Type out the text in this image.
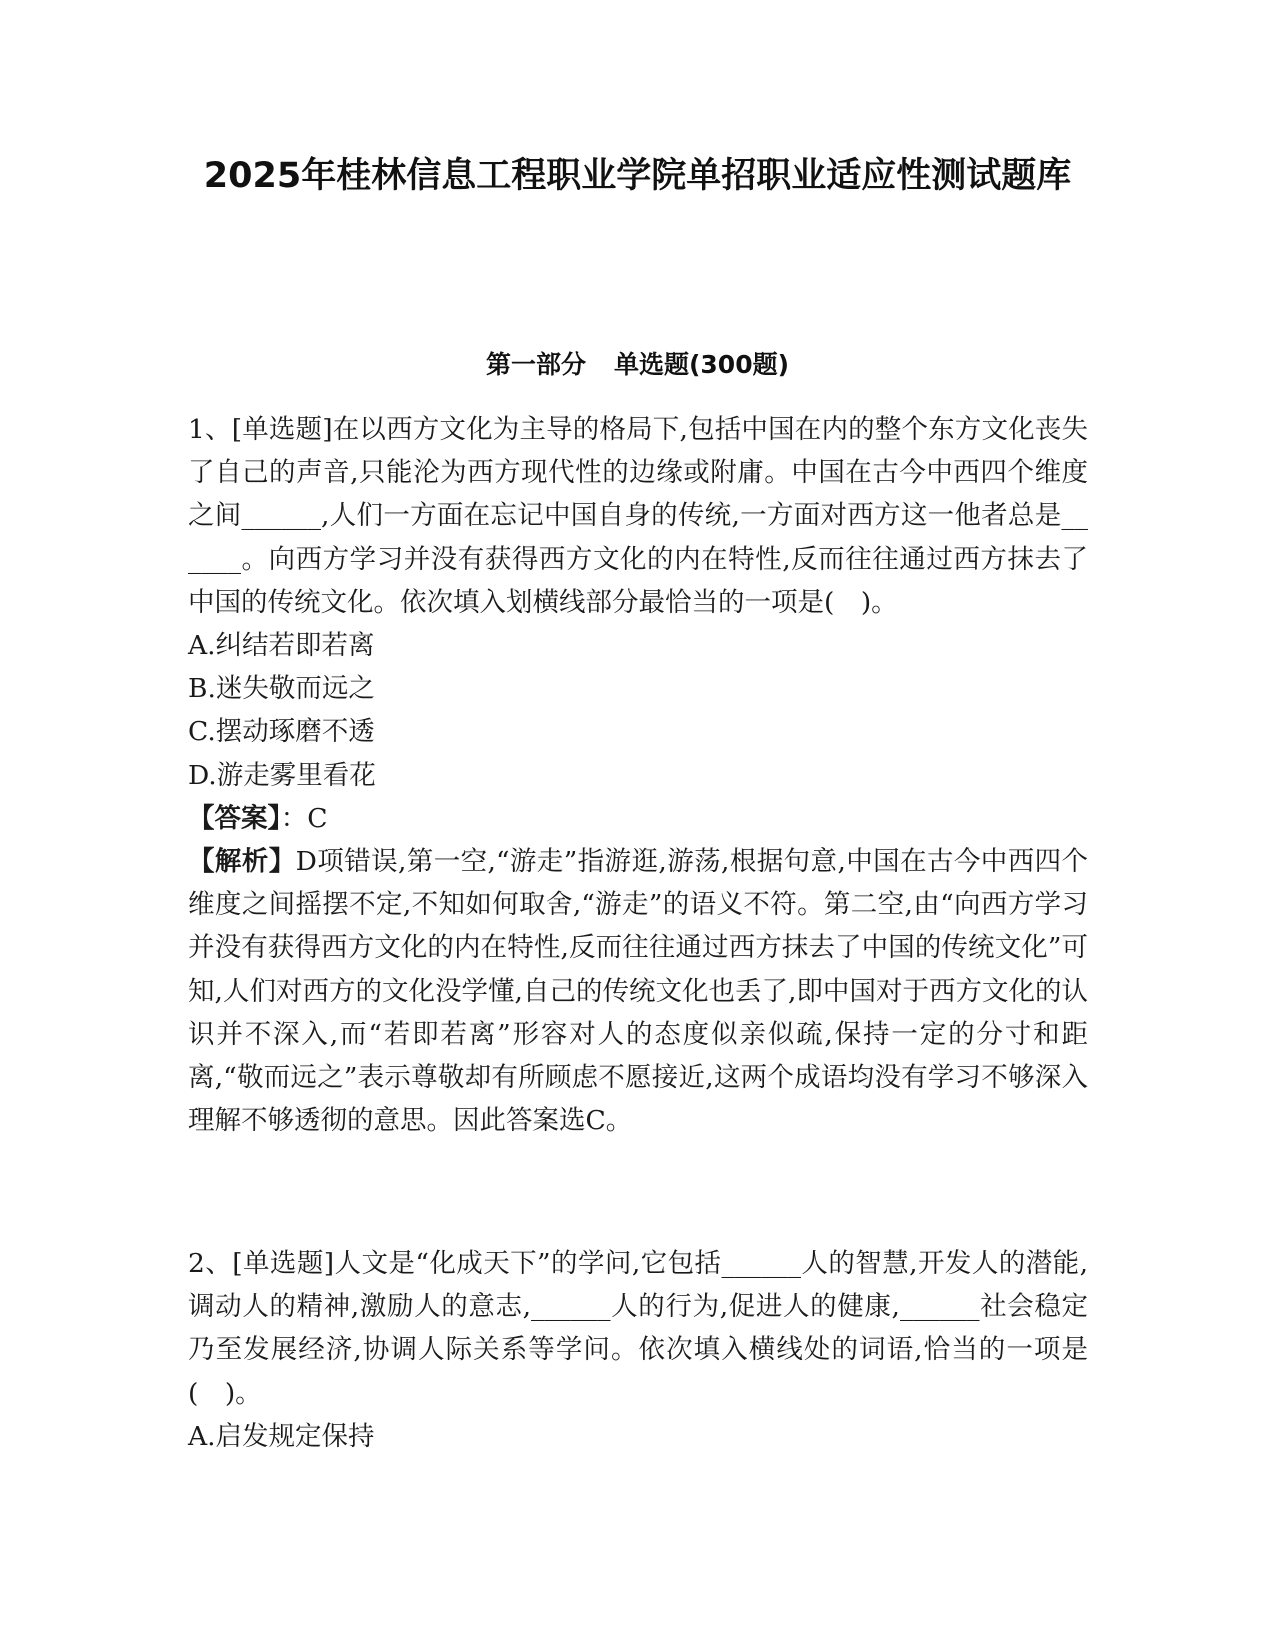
2025年桂林信息工程职业学院单招职业适应性测试题库
第一部分 单选题(300题)

1、[单选题]在以西方文化为主导的格局下,包括中国在内的整个东方文化丧失了自己的声音,只能沦为西方现代性的边缘或附庸。中国在古今中西四个维度之间______,人们一方面在忘记中国自身的传统,一方面对西方这一他者总是______。向西方学习并没有获得西方文化的内在特性,反而往往通过西方抹去了中国的传统文化。依次填入划横线部分最恰当的一项是(　)。

A.纠结若即若离

B.迷失敬而远之

C.摆动琢磨不透

D.游走雾里看花

【答案】：C

【解析】D项错误,第一空,“游走”指游逛,游荡,根据句意,中国在古今中西四个维度之间摇摆不定,不知如何取舍,“游走”的语义不符。第二空,由“向西方学习并没有获得西方文化的内在特性,反而往往通过西方抹去了中国的传统文化”可知,人们对西方的文化没学懂,自己的传统文化也丢了,即中国对于西方文化的认识并不深入,而“若即若离”形容对人的态度似亲似疏,保持一定的分寸和距离,“敬而远之”表示尊敬却有所顾虑不愿接近,这两个成语均没有学习不够深入理解不够透彻的意思。因此答案选C。

2、[单选题]人文是“化成天下”的学问,它包括______人的智慧,开发人的潜能,调动人的精神,激励人的意志,______人的行为,促进人的健康,______社会稳定乃至发展经济,协调人际关系等学问。依次填入横线处的词语,恰当的一项是(　)。

A.启发规定保持
